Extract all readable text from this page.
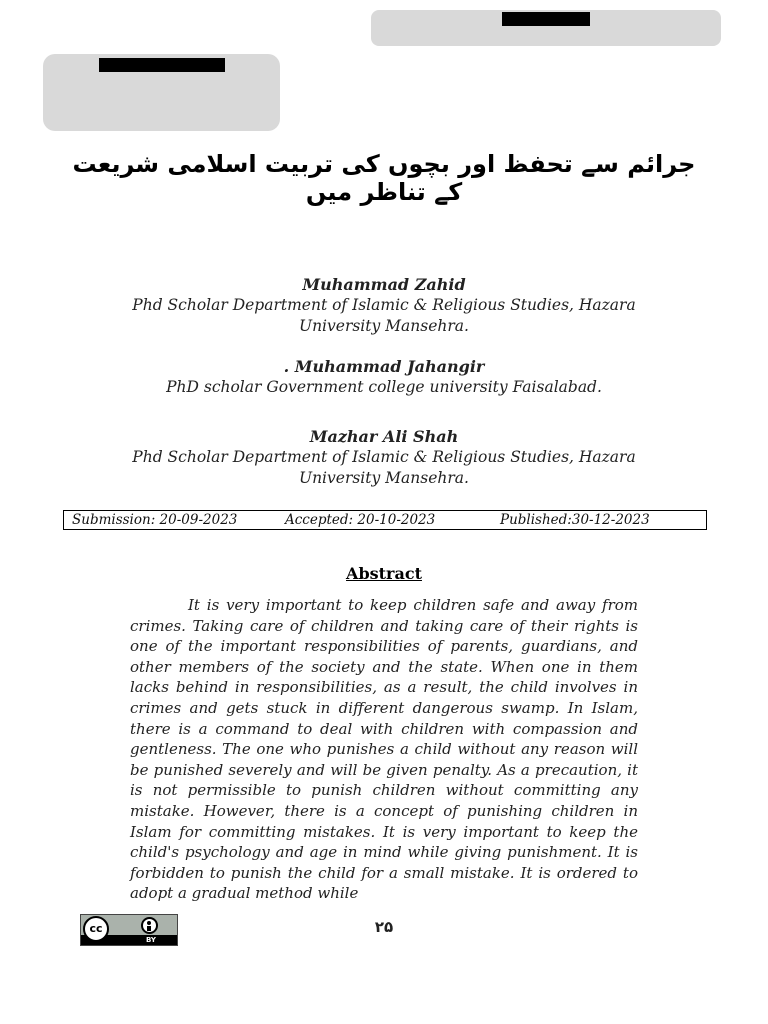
جرائم سے تحفظ اور بچوں کی تربیت اسلامی شریعت کے تناظر میں
Muhammad Zahid
Phd Scholar Department of Islamic & Religious Studies, Hazara University Mansehra.
. Muhammad Jahangir
PhD scholar Government college university Faisalabad.
Mazhar Ali Shah
Phd Scholar Department of Islamic & Religious Studies, Hazara University Mansehra.
Submission: 20-09-2023	Accepted: 20-10-2023	Published:30-12-2023
Abstract

It is very important to keep children safe and away from crimes. Taking care of children and taking care of their rights is one of the important responsibilities of parents, guardians, and other members of the society and the state. When one in them lacks behind in responsibilities, as a result, the child involves in crimes and gets stuck in different dangerous swamp. In Islam, there is a command to deal with children with compassion and gentleness. The one who punishes a child without any reason will be punished severely and will be given penalty. As a precaution, it is not permissible to punish children without committing any mistake. However, there is a concept of punishing children in Islam for committing mistakes. It is very important to keep the child's psychology and age in mind while giving punishment. It is forbidden to punish the child for a small mistake. It is ordered to adopt a gradual method while

cc
BY
۲۵
